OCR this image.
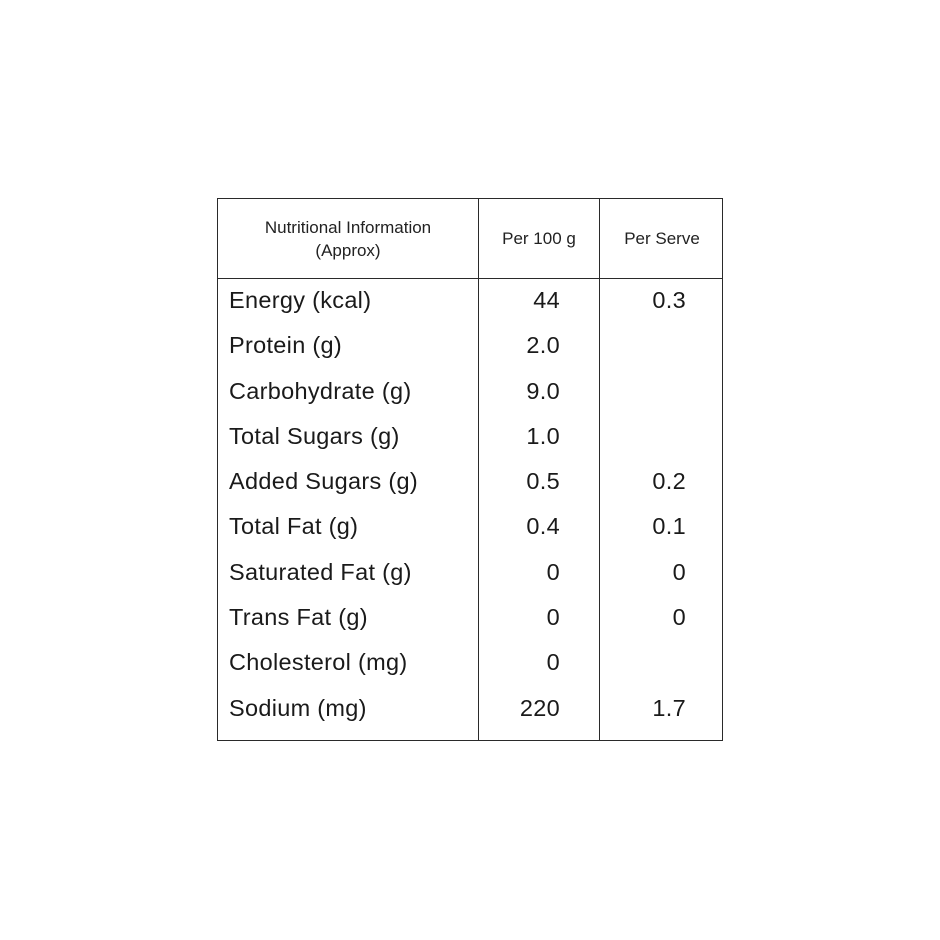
Nutritional Information
(Approx)
Per 100 g	Per Serve
Energy (kcal)	44	0.3
Protein (g)	2.0
Carbohydrate (g)	9.0
Total Sugars (g)	1.0
Added Sugars (g)	0.5	0.2
Total Fat (g)	0.4	0.1
Saturated Fat (g)	0	0
Trans Fat (g)	0	0
Cholesterol (mg)	0
Sodium (mg)	220	1.7
